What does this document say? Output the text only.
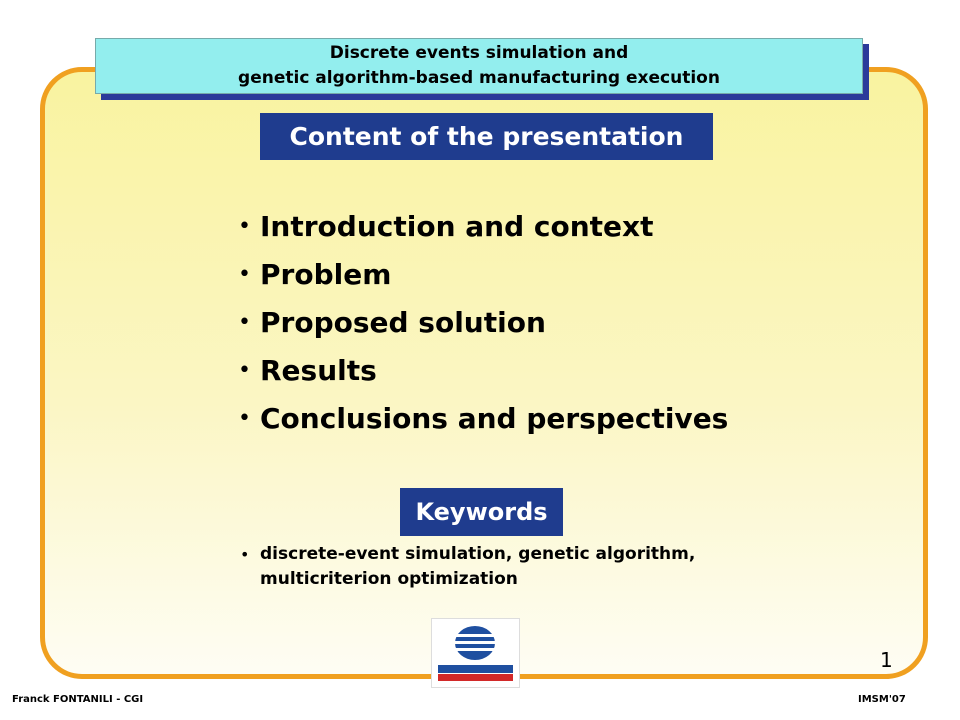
Discrete events simulation and
genetic algorithm-based manufacturing execution
Content of the presentation
• Introduction and context
• Problem
• Proposed solution
• Results
• Conclusions and perspectives
Keywords
• discrete-event simulation, genetic algorithm,
multicriterion optimization
1
Franck FONTANILI - CGI	IMSM'07
